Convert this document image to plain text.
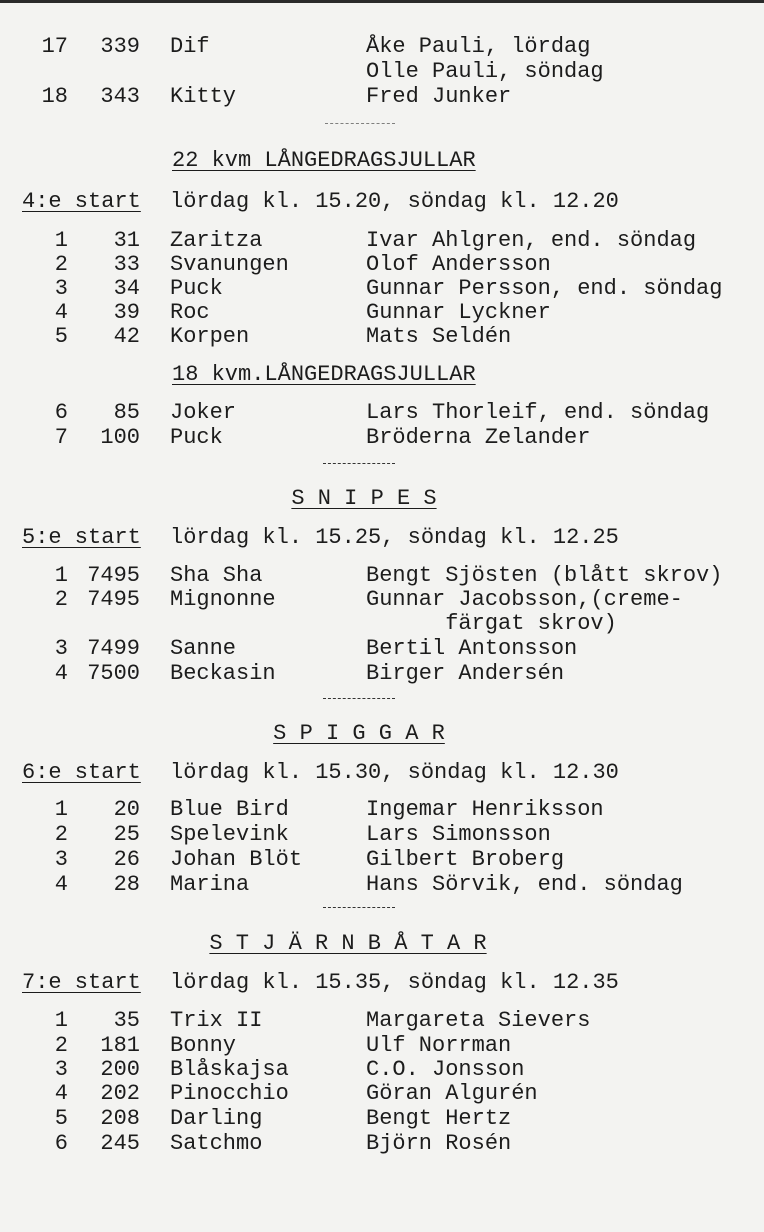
17	339 Dif	Åke Pauli, lördag
Olle Pauli, söndag
18	343 Kitty	Fred Junker
22 kvm LÅNGEDRAGSJULLAR
4:e start lördag kl. 15.20, söndag kl. 12.20
1	31 Zaritza	Ivar Ahlgren, end. söndag
2	33 Svanungen	Olof Andersson
3	34 Puck	Gunnar Persson, end. söndag
4	39 Roc	Gunnar Lyckner
5	42 Korpen	Mats Seldén
18 kvm.LÅNGEDRAGSJULLAR
6	85 Joker	Lars Thorleif, end. söndag
7	100 Puck	Bröderna Zelander
S N I P E S
5:e start lördag kl. 15.25, söndag kl. 12.25
1 7495 Sha Sha	Bengt Sjösten (blått skrov)
2 7495 Mignonne	Gunnar Jacobsson,(creme-
färgat skrov)
3 7499 Sanne	Bertil Antonsson
4 7500 Beckasin	Birger Andersén
S P I G G A R
6:e start lördag kl. 15.30, söndag kl. 12.30
1	20 Blue Bird	Ingemar Henriksson
2	25 Spelevink	Lars Simonsson
3	26 Johan Blöt	Gilbert Broberg
4	28 Marina	Hans Sörvik, end. söndag
S T J Ä R N B Å T A R
7:e start lördag kl. 15.35, söndag kl. 12.35
1	35 Trix II	Margareta Sievers
2	181 Bonny	Ulf Norrman
3	200 Blåskajsa	C.O. Jonsson
4	202 Pinocchio	Göran Algurén
5	208 Darling	Bengt Hertz
6	245 Satchmo	Björn Rosén
